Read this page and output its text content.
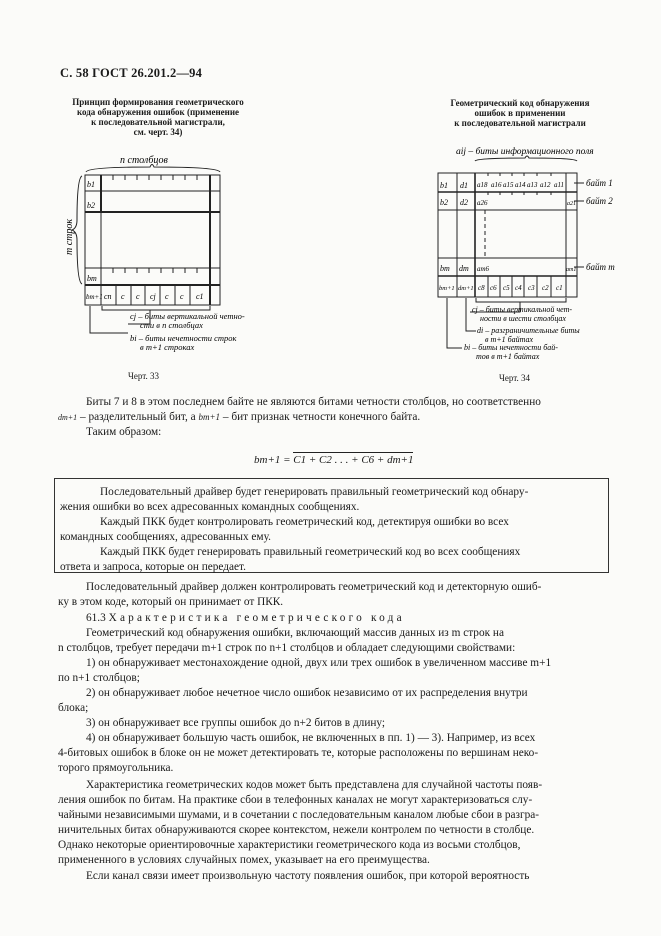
С. 58 ГОСТ 26.201.2—94
Принцип формирования геометрического
кода обнаружения ошибок (применение
к последовательной магистрали,
см. черт. 34)
Геометрический код обнаружения
ошибок в применении
к последовательной магистрали
n столбцов
m строк
b1
b2
bm
bm+1 cn c c cj c c c1
cj – биты вертикальной четно-
сти в n столбцах
bi – биты нечетности строк
в m+1 строках
aij – биты информационного поля
b1 d1 a18 a16 a15 a14 a13 a12 a11
b2 d2 a26	a21
bm dm am6	am1
bm+1 dm+1 c8 c6 c5 c4 c3 c2 c1
байт 1
байт 2
байт m
cj – биты вертикальной чет-
ности в шести столбцах
di – разграничительные биты
в m+1 байтах
bi – биты нечетности бай-
тов в m+1 байтах
Черт. 33	Черт. 34
Биты 7 и 8 в этом последнем байте не являются битами четности столбцов, но соответственно
dm+1 – разделительный бит, а bm+1 – бит признак четности конечного байта.
Таким образом:
bm+1 = C1 + C2 . . . + C6 + dm+1
Последовательный драйвер будет генерировать правильный геометрический код обнару-
жения ошибки во всех адресованных командных сообщениях.
Каждый ПКК будет контролировать геометрический код, детектируя ошибки во всех
командных сообщениях, адресованных ему.
Каждый ПКК будет генерировать правильный геометрический код во всех сообщениях
ответа и запроса, которые он передает.
Последовательный драйвер должен контролировать геометрический код и детекторную ошиб-
ку в этом коде, который он принимает от ПКК.
61.3 Характеристика геометрического кода
Геометрический код обнаружения ошибки, включающий массив данных из m строк на
n столбцов, требует передачи m+1 строк по n+1 столбцов и обладает следующими свойствами:
1) он обнаруживает местонахождение одной, двух или трех ошибок в увеличенном массиве m+1
по n+1 столбцов;
2) он обнаруживает любое нечетное число ошибок независимо от их распределения внутри
блока;
3) он обнаруживает все группы ошибок до n+2 битов в длину;
4) он обнаруживает большую часть ошибок, не включенных в пп. 1) — 3). Например, из всех
4-битовых ошибок в блоке он не может детектировать те, которые расположены по вершинам неко-
торого прямоугольника.
Характеристика геометрических кодов может быть представлена для случайной частоты появ-
ления ошибок по битам. На практике сбои в телефонных каналах не могут характеризоваться слу-
чайными независимыми шумами, и в сочетании с последовательным каналом любые сбои в разгра-
ничительных битах обнаруживаются скорее контекстом, нежели контролем по четности в столбце.
Однако некоторые ориентировочные характеристики геометрического кода из восьми столбцов,
примененного в условиях случайных помех, указывает на его преимущества.
Если канал связи имеет произвольную частоту появления ошибок, при которой вероятность
